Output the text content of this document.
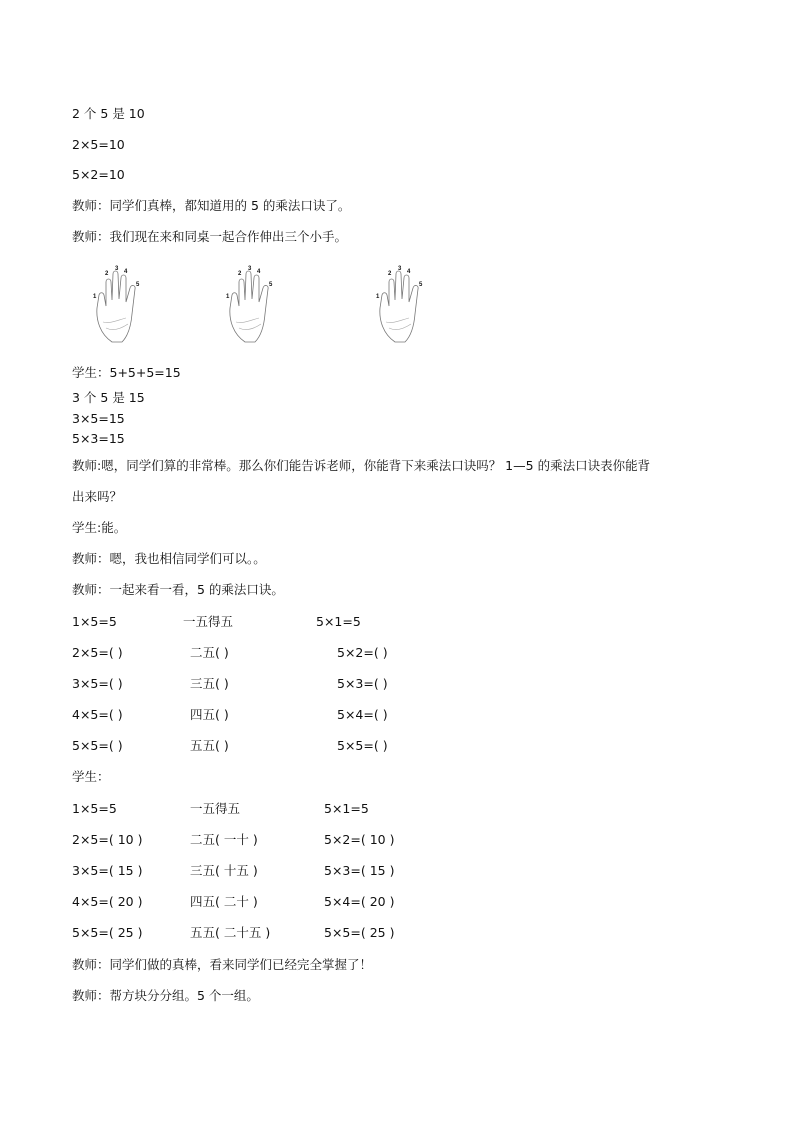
2 个 5 是 10
2×5=10
5×2=10
教师：同学们真棒，都知道用的 5 的乘法口诀了。
教师：我们现在来和同桌一起合作伸出三个小手。
1
2
3 4
5
1
2
3 4
5
1
2
3 4
5
学生：5+5+5=15
3 个 5 是 15
3×5=15
5×3=15
教师:嗯，同学们算的非常棒。那么你们能告诉老师，你能背下来乘法口诀吗？ 1—5 的乘法口诀表你能背
出来吗？
学生:能。
教师：嗯，我也相信同学们可以。。
教师：一起来看一看，5 的乘法口诀。
1×5=5	一五得五	5×1=5
2×5=( )	二五( )	5×2=( )
3×5=( )	三五( )	5×3=( )
4×5=( )	四五( )	5×4=( )
5×5=( )	五五( )	5×5=( )
学生：
1×5=5	一五得五	5×1=5
2×5=( 10 )	二五( 一十 )	5×2=( 10 )
3×5=( 15 )	三五( 十五 )	5×3=( 15 )
4×5=( 20 )	四五( 二十 )	5×4=( 20 )
5×5=( 25 )	五五( 二十五 )	5×5=( 25 )
教师：同学们做的真棒，看来同学们已经完全掌握了！
教师：帮方块分分组。5 个一组。
